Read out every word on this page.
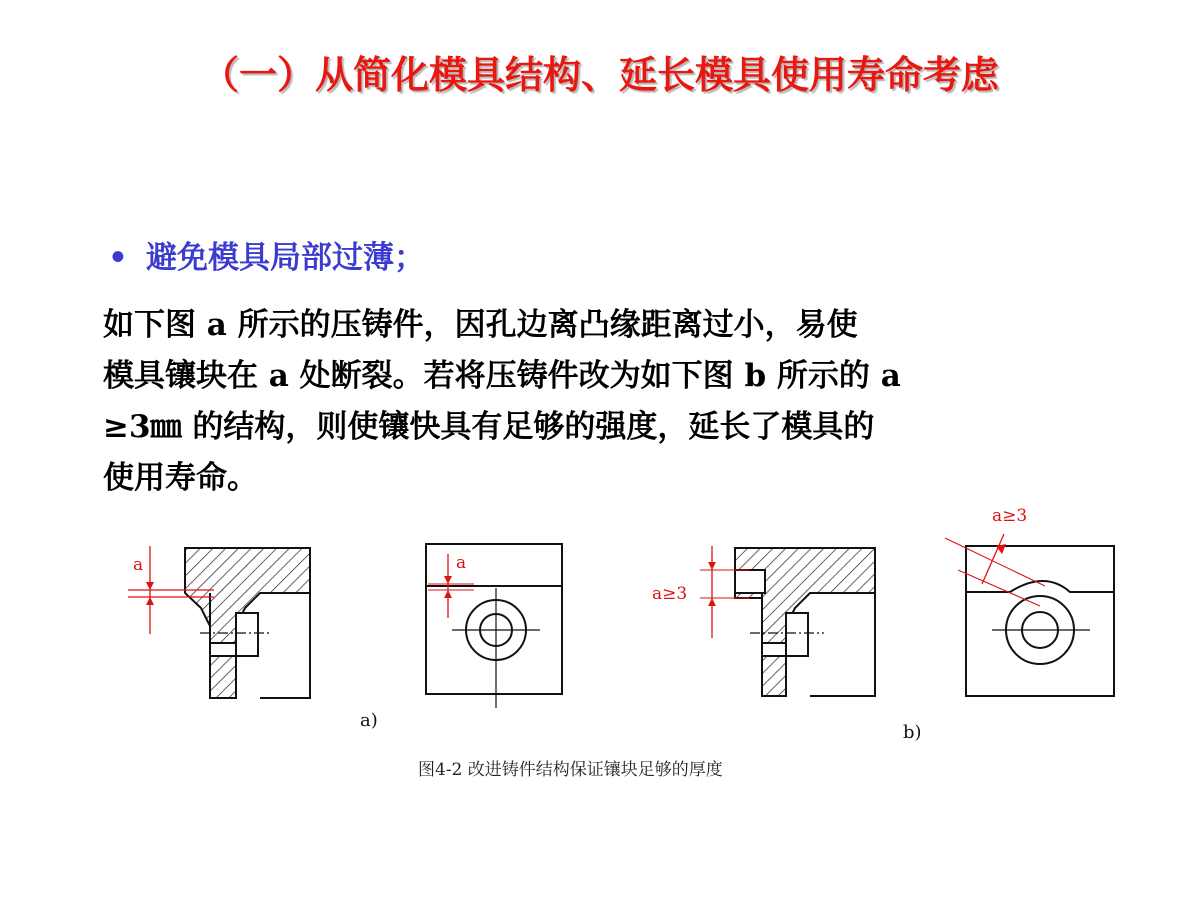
（一）从简化模具结构、延长模具使用寿命考虑
• 避免模具局部过薄；
如下图 a 所示的压铸件，因孔边离凸缘距离过小，易使
模具镶块在 a 处断裂。若将压铸件改为如下图 b 所示的 a
≥3㎜ 的结构，则使镶快具有足够的强度，延长了模具的
使用寿命。
a	a
a)
a≥3
a≥3
b)
图4-2 改进铸件结构保证镶块足够的厚度
